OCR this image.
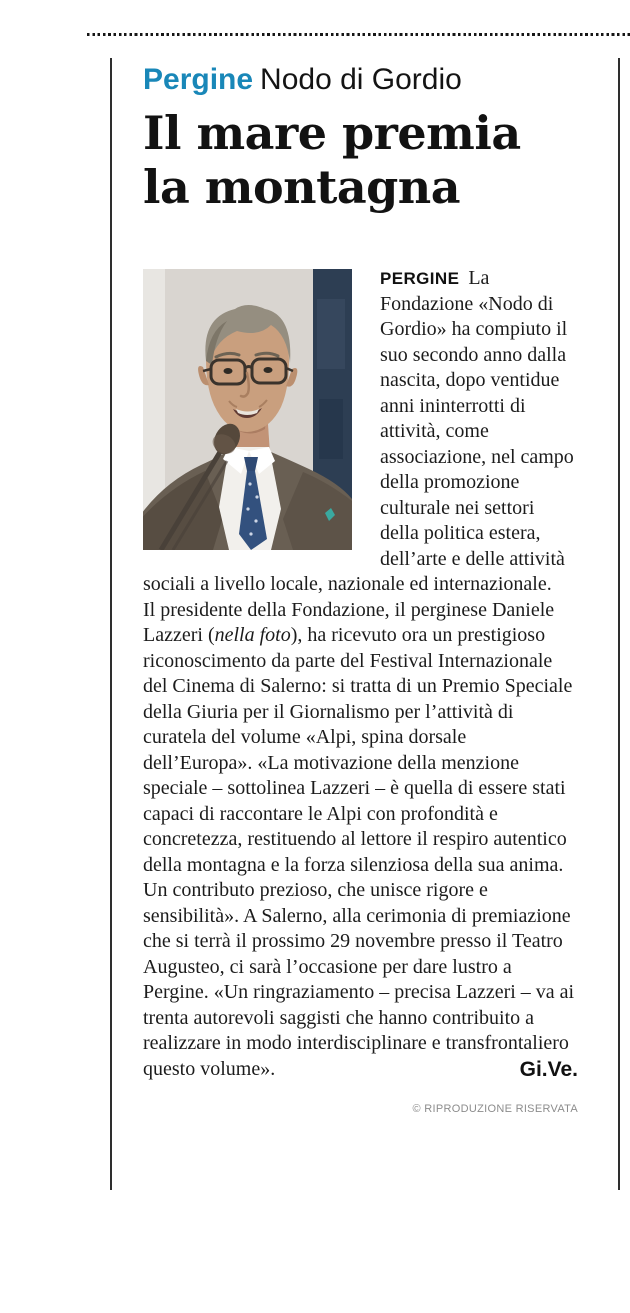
Pergine Nodo di Gordio
Il mare premia la montagna

PERGINE La Fondazione «Nodo di Gordio» ha compiuto il suo secondo anno dalla nascita, dopo ventidue anni ininterrotti di attività, come associazione, nel campo della promozione culturale nei settori della politica estera, dell’arte e delle attività sociali a livello locale, nazionale ed internazionale.

Il presidente della Fondazione, il perginese Daniele Lazzeri (nella foto), ha ricevuto ora un prestigioso riconoscimento da parte del Festival Internazionale del Cinema di Salerno: si tratta di un Premio Speciale della Giuria per il Giornalismo per l’attività di curatela del volume «Alpi, spina dorsale dell’Europa». «La motivazione della menzione speciale – sottolinea Lazzeri – è quella di essere stati capaci di raccontare le Alpi con profondità e concretezza, restituendo al lettore il respiro autentico della montagna e la forza silenziosa della sua anima. Un contributo prezioso, che unisce rigore e sensibilità». A Salerno, alla cerimonia di premiazione che si terrà il prossimo 29 novembre presso il Teatro Augusteo, ci sarà l’occasione per dare lustro a Pergine. «Un ringraziamento – precisa Lazzeri – va ai trenta autorevoli saggisti che hanno contribuito a realizzare in modo interdisciplinare e transfrontaliero questo volume».	Gi.Ve.
© RIPRODUZIONE RISERVATA
